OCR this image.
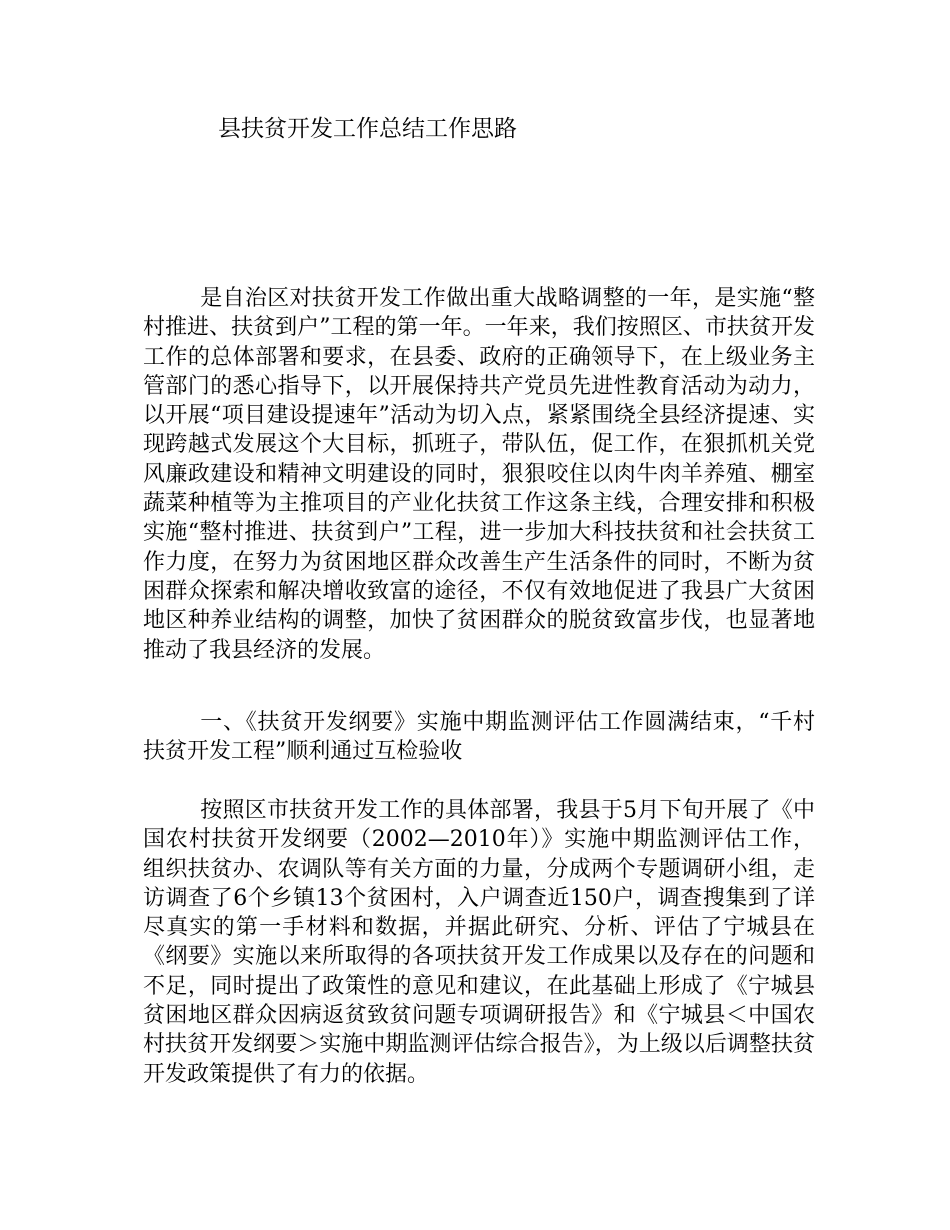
县扶贫开发工作总结工作思路

是自治区对扶贫开发工作做出重大战略调整的一年，是实施“整村推进、扶贫到户”工程的第一年。一年来，我们按照区、市扶贫开发工作的总体部署和要求，在县委、政府的正确领导下，在上级业务主管部门的悉心指导下，以开展保持共产党员先进性教育活动为动力，以开展“项目建设提速年”活动为切入点，紧紧围绕全县经济提速、实现跨越式发展这个大目标，抓班子，带队伍，促工作，在狠抓机关党风廉政建设和精神文明建设的同时，狠狠咬住以肉牛肉羊养殖、棚室蔬菜种植等为主推项目的产业化扶贫工作这条主线，合理安排和积极实施“整村推进、扶贫到户”工程，进一步加大科技扶贫和社会扶贫工作力度，在努力为贫困地区群众改善生产生活条件的同时，不断为贫困群众探索和解决增收致富的途径，不仅有效地促进了我县广大贫困地区种养业结构的调整，加快了贫困群众的脱贫致富步伐，也显著地推动了我县经济的发展。

一、《扶贫开发纲要》实施中期监测评估工作圆满结束，“千村扶贫开发工程”顺利通过互检验收

按照区市扶贫开发工作的具体部署，我县于5月下旬开展了《中国农村扶贫开发纲要（2002—2010年）》实施中期监测评估工作，组织扶贫办、农调队等有关方面的力量，分成两个专题调研小组，走访调查了6个乡镇13个贫困村，入户调查近150户，调查搜集到了详尽真实的第一手材料和数据，并据此研究、分析、评估了宁城县在《纲要》实施以来所取得的各项扶贫开发工作成果以及存在的问题和不足，同时提出了政策性的意见和建议，在此基础上形成了《宁城县贫困地区群众因病返贫致贫问题专项调研报告》和《宁城县＜中国农村扶贫开发纲要＞实施中期监测评估综合报告》，为上级以后调整扶贫开发政策提供了有力的依据。
